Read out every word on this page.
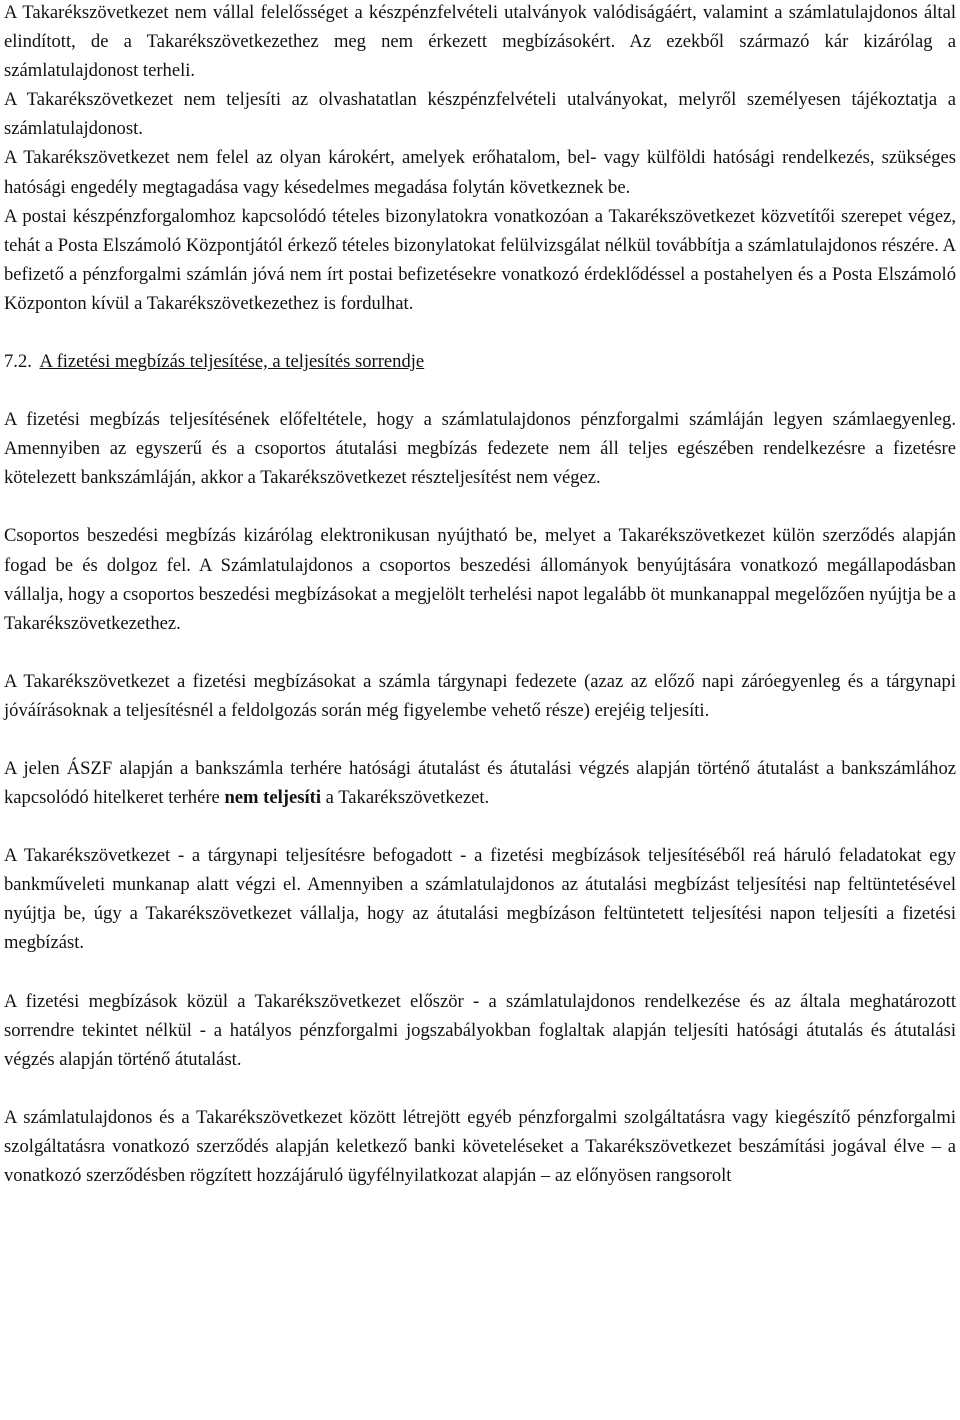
A Takarékszövetkezet nem vállal felelősséget a készpénzfelvételi utalványok valódiságáért, valamint a számlatulajdonos által elindított, de a Takarékszövetkezethez meg nem érkezett megbízásokért. Az ezekből származó kár kizárólag a számlatulajdonost terheli.

A Takarékszövetkezet nem teljesíti az olvashatatlan készpénzfelvételi utalványokat, melyről személyesen tájékoztatja a számlatulajdonost.

A Takarékszövetkezet nem felel az olyan károkért, amelyek erőhatalom, bel- vagy külföldi hatósági rendelkezés, szükséges hatósági engedély megtagadása vagy késedelmes megadása folytán következnek be.

A postai készpénzforgalomhoz kapcsolódó tételes bizonylatokra vonatkozóan a Takarékszövetkezet közvetítői szerepet végez, tehát a Posta Elszámoló Központjától érkező tételes bizonylatokat felülvizsgálat nélkül továbbítja a számlatulajdonos részére. A befizető a pénzforgalmi számlán jóvá nem írt postai befizetésekre vonatkozó érdeklődéssel a postahelyen és a Posta Elszámoló Központon kívül a Takarékszövetkezethez is fordulhat.

7.2. A fizetési megbízás teljesítése, a teljesítés sorrendje

A fizetési megbízás teljesítésének előfeltétele, hogy a számlatulajdonos pénzforgalmi számláján legyen számlaegyenleg. Amennyiben az egyszerű és a csoportos átutalási megbízás fedezete nem áll teljes egészében rendelkezésre a fizetésre kötelezett bankszámláján, akkor a Takarékszövetkezet részteljesítést nem végez.

Csoportos beszedési megbízás kizárólag elektronikusan nyújtható be, melyet a Takarékszövetkezet külön szerződés alapján fogad be és dolgoz fel. A Számlatulajdonos a csoportos beszedési állományok benyújtására vonatkozó megállapodásban vállalja, hogy a csoportos beszedési megbízásokat a megjelölt terhelési napot legalább öt munkanappal megelőzően nyújtja be a Takarékszövetkezethez.

A Takarékszövetkezet a fizetési megbízásokat a számla tárgynapi fedezete (azaz az előző napi záróegyenleg és a tárgynapi jóváírásoknak a teljesítésnél a feldolgozás során még figyelembe vehető része) erejéig teljesíti.

A jelen ÁSZF alapján a bankszámla terhére hatósági átutalást és átutalási végzés alapján történő átutalást a bankszámlához kapcsolódó hitelkeret terhére nem teljesíti a Takarékszövetkezet.

A Takarékszövetkezet - a tárgynapi teljesítésre befogadott - a fizetési megbízások teljesítéséből reá háruló feladatokat egy bankműveleti munkanap alatt végzi el. Amennyiben a számlatulajdonos az átutalási megbízást teljesítési nap feltüntetésével nyújtja be, úgy a Takarékszövetkezet vállalja, hogy az átutalási megbízáson feltüntetett teljesítési napon teljesíti a fizetési megbízást.

A fizetési megbízások közül a Takarékszövetkezet először - a számlatulajdonos rendelkezése és az általa meghatározott sorrendre tekintet nélkül - a hatályos pénzforgalmi jogszabályokban foglaltak alapján teljesíti hatósági átutalás és átutalási végzés alapján történő átutalást.

A számlatulajdonos és a Takarékszövetkezet között létrejött egyéb pénzforgalmi szolgáltatásra vagy kiegészítő pénzforgalmi szolgáltatásra vonatkozó szerződés alapján keletkező banki követeléseket a Takarékszövetkezet beszámítási jogával élve – a vonatkozó szerződésben rögzített hozzájáruló ügyfélnyilatkozat alapján – az előnyösen rangsorolt
